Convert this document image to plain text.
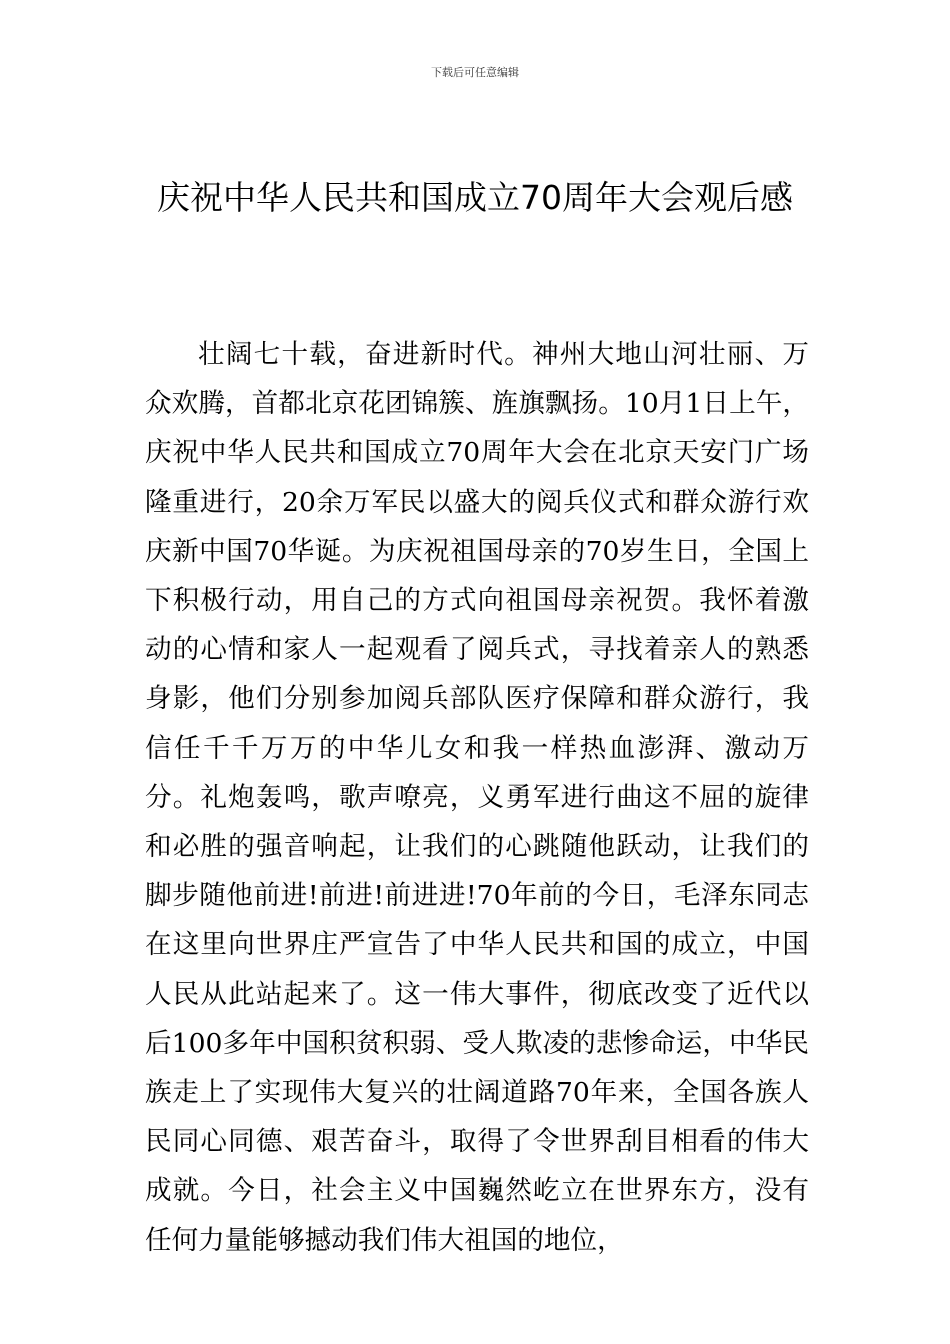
下载后可任意编辑
庆祝中华人民共和国成立70周年大会观后感

壮阔七十载，奋进新时代。神州大地山河壮丽、万众欢腾，首都北京花团锦簇、旌旗飘扬。10月1日上午，庆祝中华人民共和国成立70周年大会在北京天安门广场隆重进行，20余万军民以盛大的阅兵仪式和群众游行欢庆新中国70华诞。为庆祝祖国母亲的70岁生日，全国上下积极行动，用自己的方式向祖国母亲祝贺。我怀着激动的心情和家人一起观看了阅兵式，寻找着亲人的熟悉身影，他们分别参加阅兵部队医疗保障和群众游行，我信任千千万万的中华儿女和我一样热血澎湃、激动万分。礼炮轰鸣，歌声嘹亮，义勇军进行曲这不屈的旋律和必胜的强音响起，让我们的心跳随他跃动，让我们的脚步随他前进!前进!前进进!70年前的今日，毛泽东同志在这里向世界庄严宣告了中华人民共和国的成立，中国人民从此站起来了。这一伟大事件，彻底改变了近代以后100多年中国积贫积弱、受人欺凌的悲惨命运，中华民族走上了实现伟大复兴的壮阔道路70年来，全国各族人民同心同德、艰苦奋斗，取得了令世界刮目相看的伟大成就。今日，社会主义中国巍然屹立在世界东方，没有任何力量能够撼动我们伟大祖国的地位，
